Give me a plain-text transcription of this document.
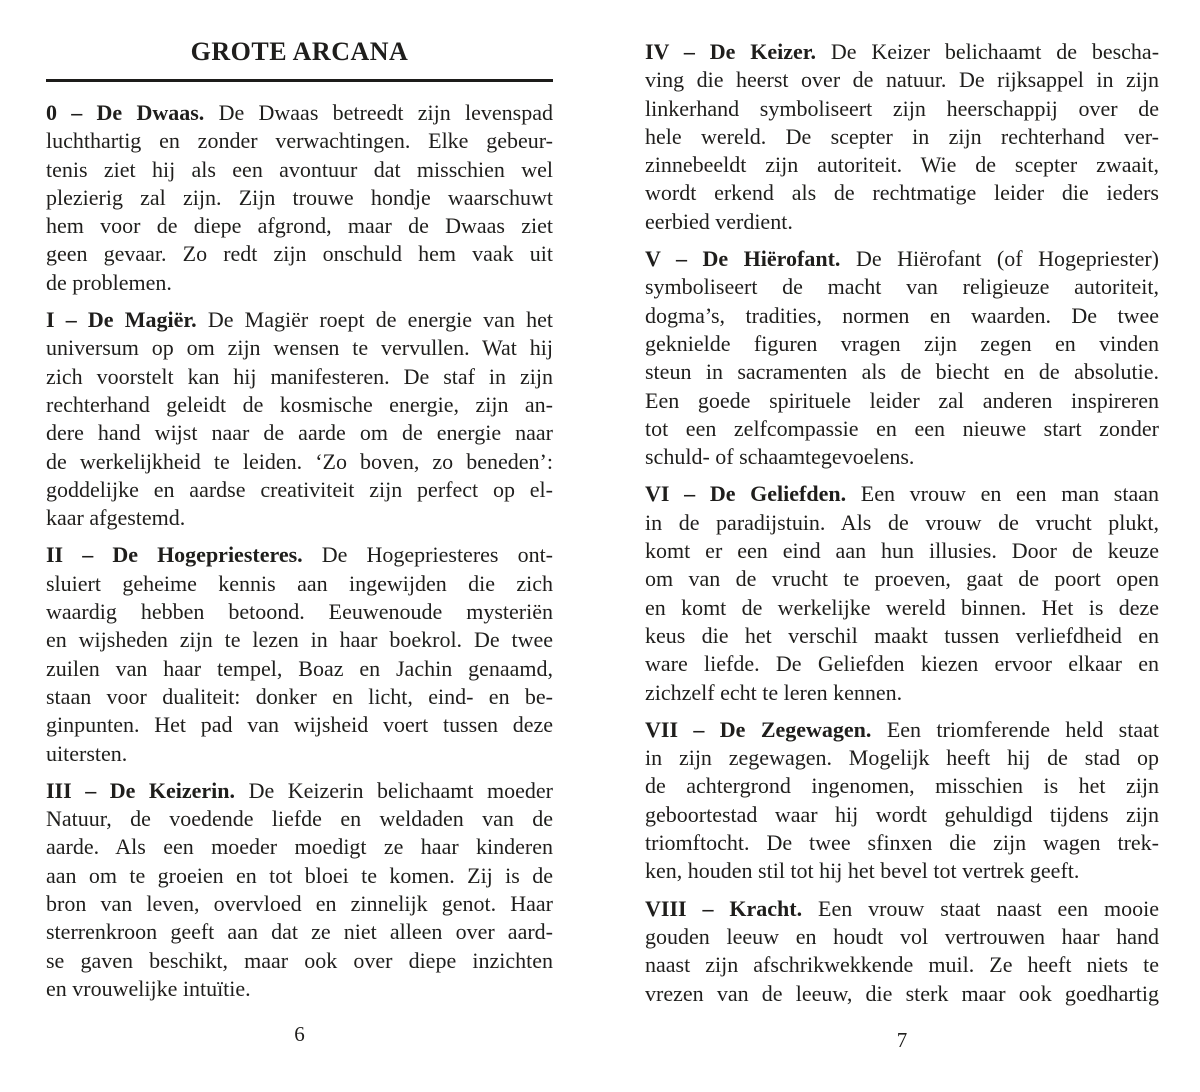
GROTE ARCANA
0 – De Dwaas. De Dwaas betreedt zijn levenspad
luchthartig en zonder verwachtingen. Elke gebeur-
tenis ziet hij als een avontuur dat misschien wel
plezierig zal zijn. Zijn trouwe hondje waarschuwt
hem voor de diepe afgrond, maar de Dwaas ziet
geen gevaar. Zo redt zijn onschuld hem vaak uit
de problemen.
I – De Magiër. De Magiër roept de energie van het
universum op om zijn wensen te vervullen. Wat hij
zich voorstelt kan hij manifesteren. De staf in zijn
rechterhand geleidt de kosmische energie, zijn an-
dere hand wijst naar de aarde om de energie naar
de werkelijkheid te leiden. ‘Zo boven, zo beneden’:
goddelijke en aardse creativiteit zijn perfect op el-
kaar afgestemd.
II – De Hogepriesteres. De Hogepriesteres ont-
sluiert geheime kennis aan ingewijden die zich
waardig hebben betoond. Eeuwenoude mysteriën
en wijsheden zijn te lezen in haar boekrol. De twee
zuilen van haar tempel, Boaz en Jachin genaamd,
staan voor dualiteit: donker en licht, eind- en be-
ginpunten. Het pad van wijsheid voert tussen deze
uitersten.
III – De Keizerin. De Keizerin belichaamt moeder
Natuur, de voedende liefde en weldaden van de
aarde. Als een moeder moedigt ze haar kinderen
aan om te groeien en tot bloei te komen. Zij is de
bron van leven, overvloed en zinnelijk genot. Haar
sterrenkroon geeft aan dat ze niet alleen over aard-
se gaven beschikt, maar ook over diepe inzichten
en vrouwelijke intuïtie.
IV – De Keizer. De Keizer belichaamt de bescha-
ving die heerst over de natuur. De rijksappel in zijn
linkerhand symboliseert zijn heerschappij over de
hele wereld. De scepter in zijn rechterhand ver-
zinnebeeldt zijn autoriteit. Wie de scepter zwaait,
wordt erkend als de rechtmatige leider die ieders
eerbied verdient.
V – De Hiërofant. De Hiërofant (of Hogepriester)
symboliseert de macht van religieuze autoriteit,
dogma’s, tradities, normen en waarden. De twee
geknielde figuren vragen zijn zegen en vinden
steun in sacramenten als de biecht en de absolutie.
Een goede spirituele leider zal anderen inspireren
tot een zelfcompassie en een nieuwe start zonder
schuld- of schaamtegevoelens.
VI – De Geliefden. Een vrouw en een man staan
in de paradijstuin. Als de vrouw de vrucht plukt,
komt er een eind aan hun illusies. Door de keuze
om van de vrucht te proeven, gaat de poort open
en komt de werkelijke wereld binnen. Het is deze
keus die het verschil maakt tussen verliefdheid en
ware liefde. De Geliefden kiezen ervoor elkaar en
zichzelf echt te leren kennen.
VII – De Zegewagen. Een triomferende held staat
in zijn zegewagen. Mogelijk heeft hij de stad op
de achtergrond ingenomen, misschien is het zijn
geboortestad waar hij wordt gehuldigd tijdens zijn
triomftocht. De twee sfinxen die zijn wagen trek-
ken, houden stil tot hij het bevel tot vertrek geeft.
VIII – Kracht. Een vrouw staat naast een mooie
gouden leeuw en houdt vol vertrouwen haar hand
naast zijn afschrikwekkende muil. Ze heeft niets te
vrezen van de leeuw, die sterk maar ook goedhartig
6	7
